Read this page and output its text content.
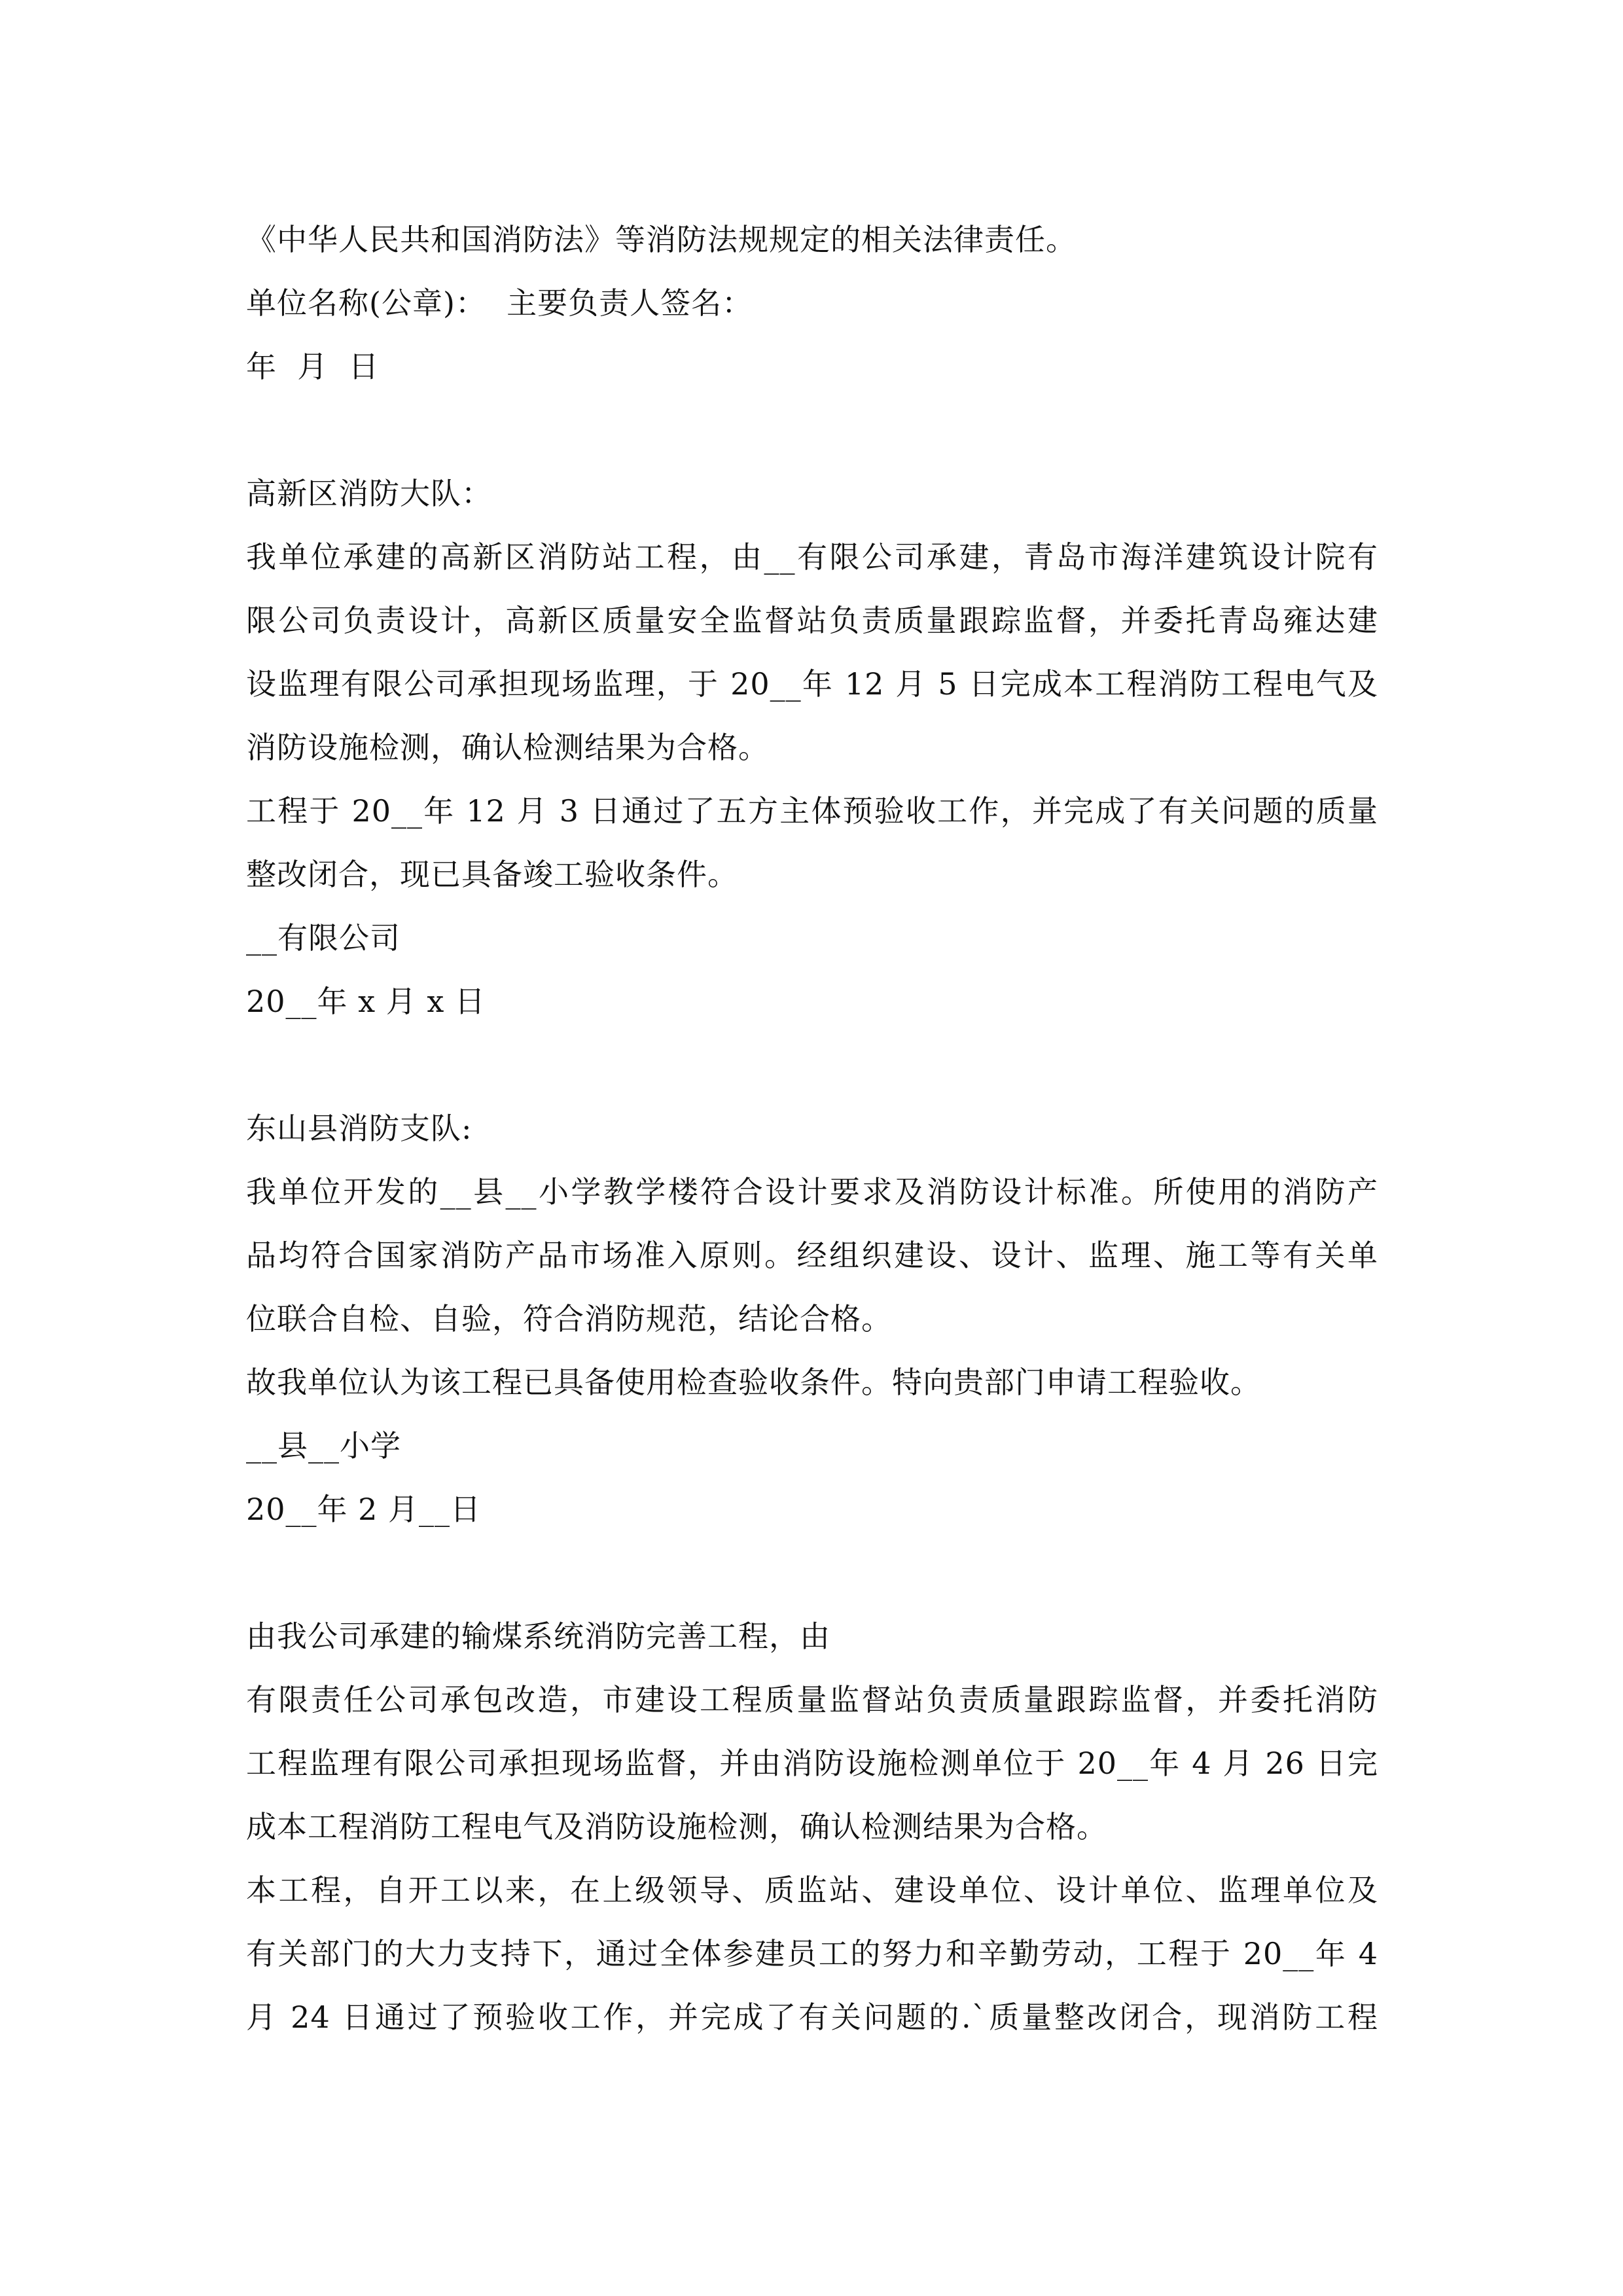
《中华人民共和国消防法》等消防法规规定的相关法律责任。
单位名称(公章)：  主要负责人签名：
年  月  日
高新区消防大队：
我单位承建的高新区消防站工程，由__有限公司承建，青岛市海洋建筑设计院有
限公司负责设计，高新区质量安全监督站负责质量跟踪监督，并委托青岛雍达建
设监理有限公司承担现场监理，于 20__年 12 月 5 日完成本工程消防工程电气及
消防设施检测，确认检测结果为合格。
工程于 20__年 12 月 3 日通过了五方主体预验收工作，并完成了有关问题的质量
整改闭合，现已具备竣工验收条件。
__有限公司
20__年 x 月 x 日
东山县消防支队:
我单位开发的__县__小学教学楼符合设计要求及消防设计标准。所使用的消防产
品均符合国家消防产品市场准入原则。经组织建设、设计、监理、施工等有关单
位联合自检、自验，符合消防规范，结论合格。
故我单位认为该工程已具备使用检查验收条件。特向贵部门申请工程验收。
__县__小学
20__年 2 月__日
由我公司承建的输煤系统消防完善工程，由
有限责任公司承包改造，市建设工程质量监督站负责质量跟踪监督，并委托消防
工程监理有限公司承担现场监督，并由消防设施检测单位于 20__年 4 月 26 日完
成本工程消防工程电气及消防设施检测，确认检测结果为合格。
本工程，自开工以来，在上级领导、质监站、建设单位、设计单位、监理单位及
有关部门的大力支持下，通过全体参建员工的努力和辛勤劳动，工程于 20__年 4
月 24 日通过了预验收工作，并完成了有关问题的.`质量整改闭合，现消防工程
